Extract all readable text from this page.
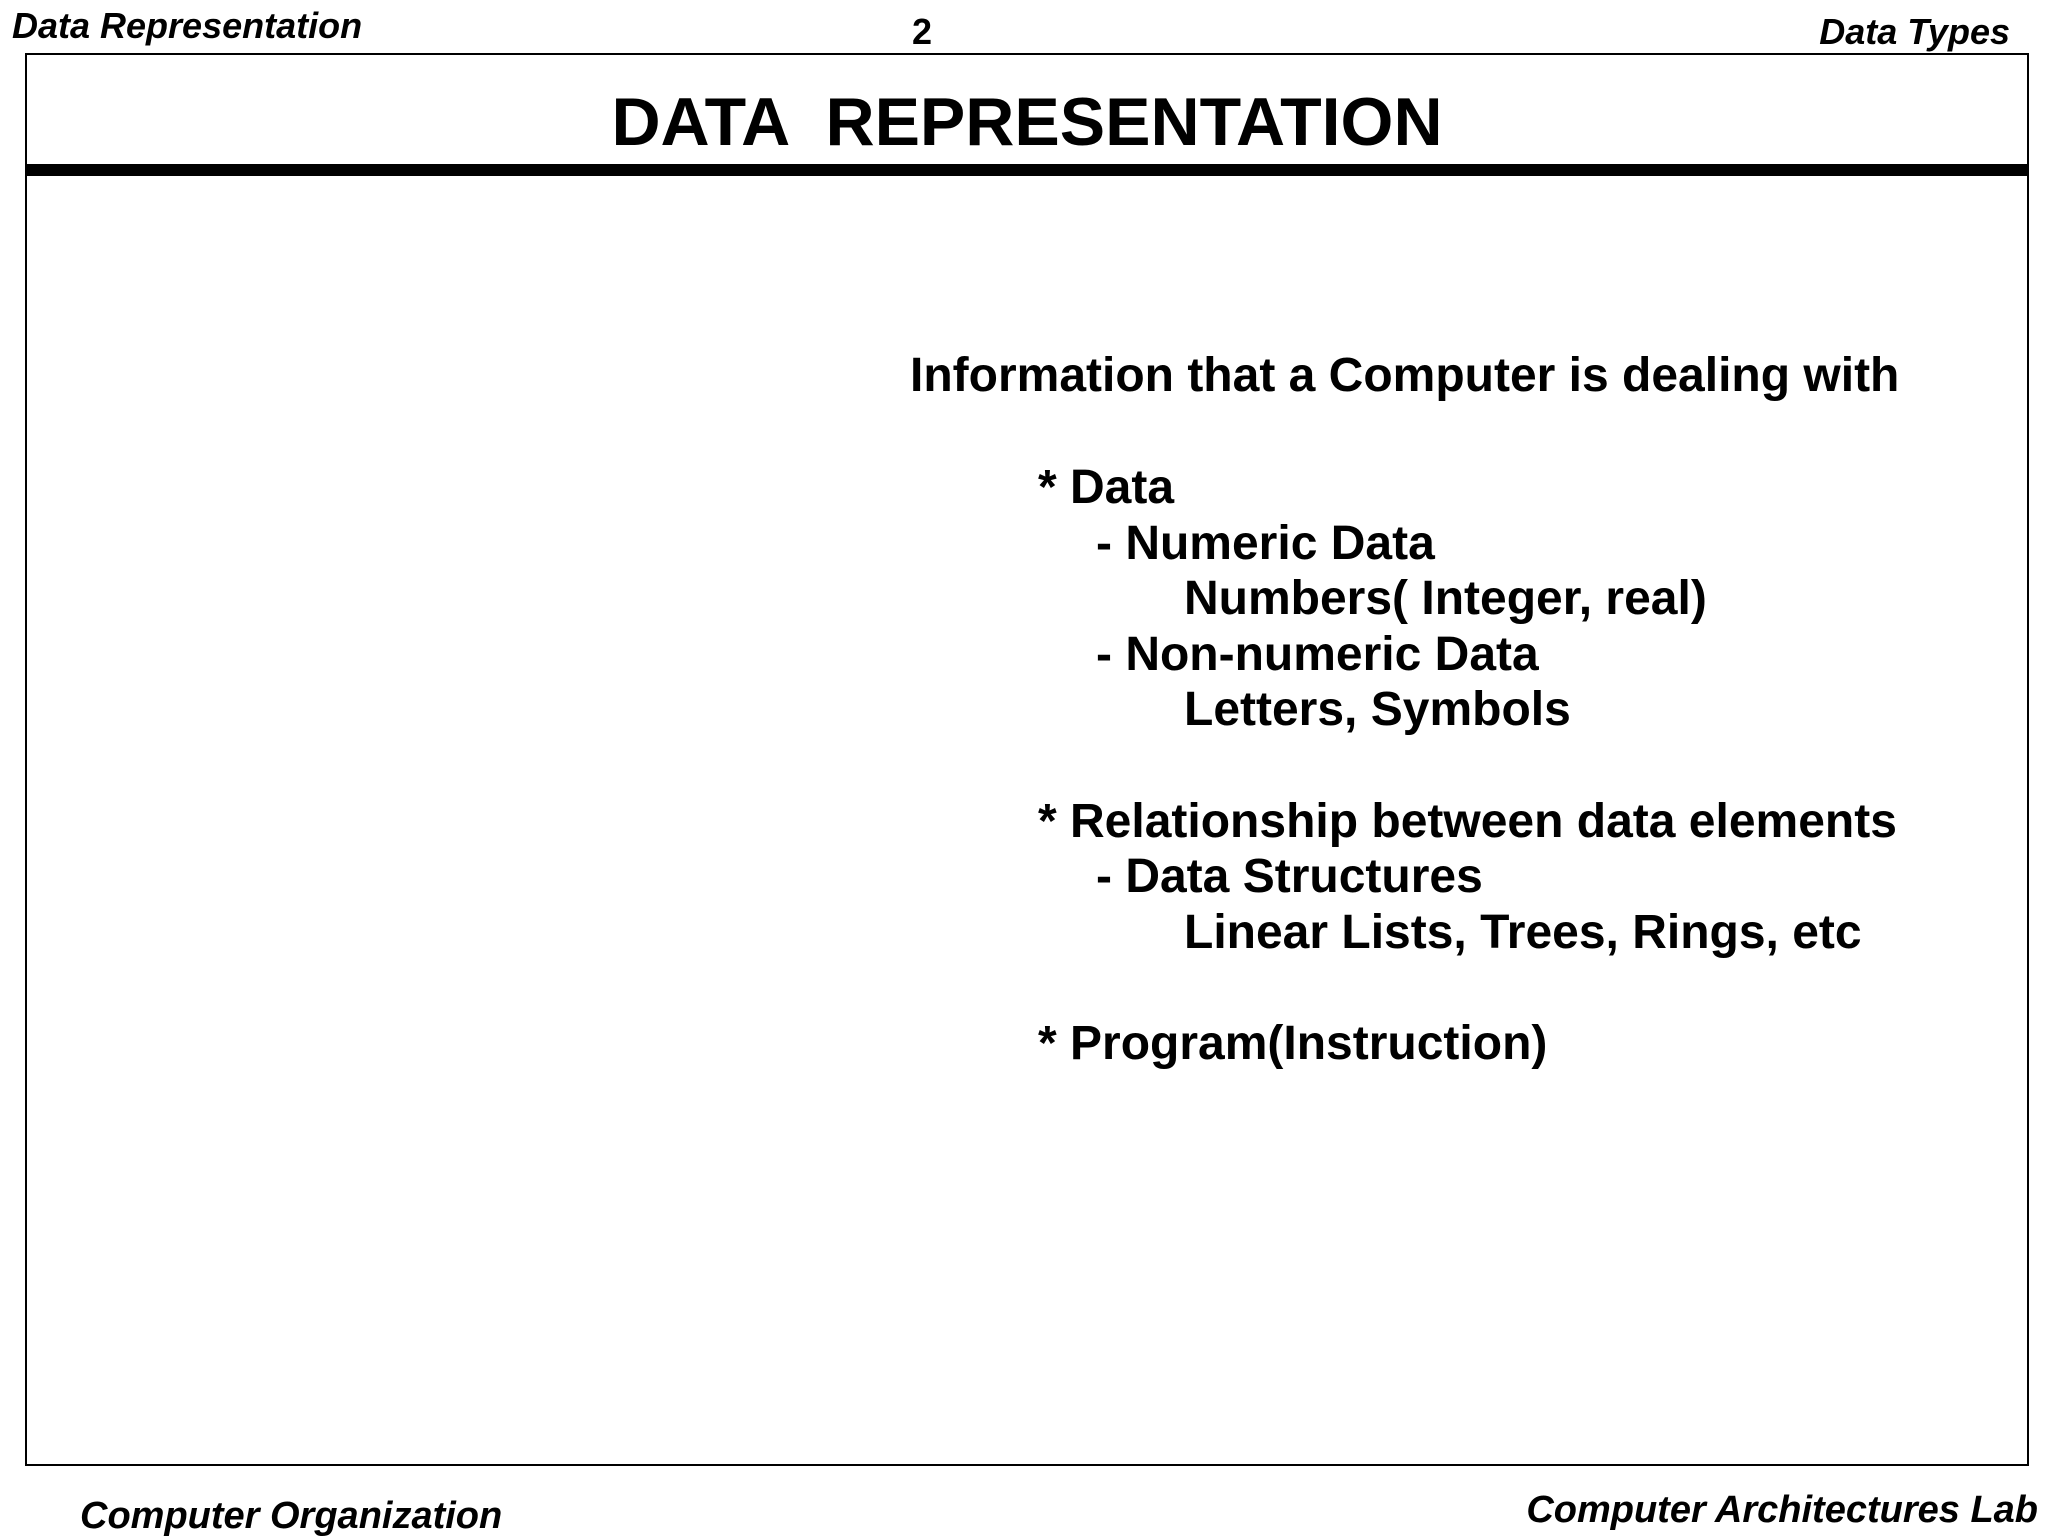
Data Representation	2	Data Types
DATA  REPRESENTATION
Information that a Computer is dealing with
* Data
- Numeric Data
Numbers( Integer, real)
- Non-numeric Data
Letters, Symbols
* Relationship between data elements
- Data Structures
Linear Lists, Trees, Rings, etc
* Program(Instruction)
Computer Organization	Computer Architectures Lab
